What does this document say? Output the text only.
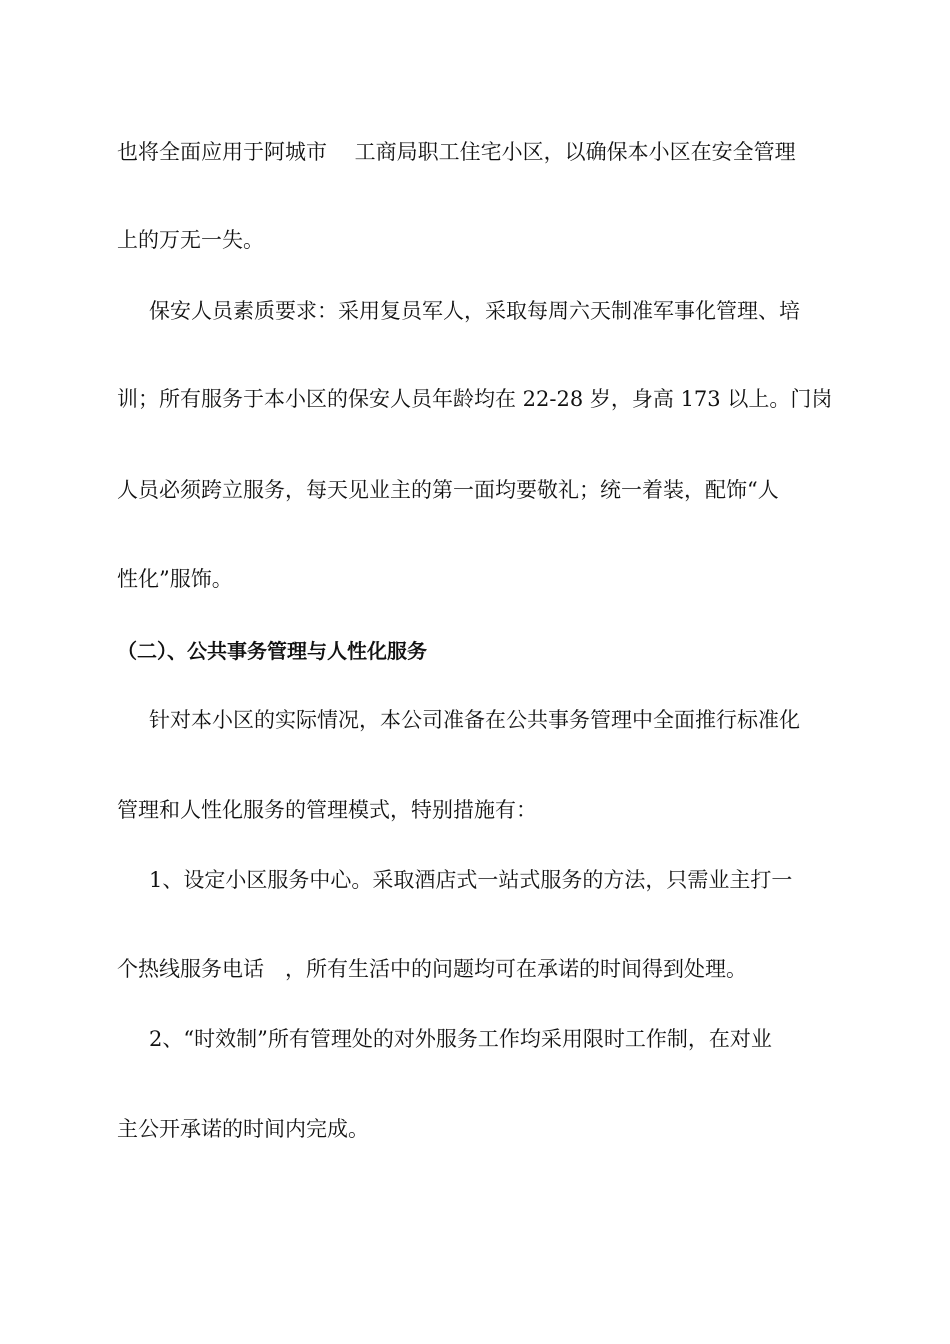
也将全面应用于阿城市　 工商局职工住宅小区，以确保本小区在安全管理
上的万无一失。
保安人员素质要求：采用复员军人，采取每周六天制准军事化管理、培
训；所有服务于本小区的保安人员年龄均在 22-28 岁，身高 173 以上。门岗
人员必须跨立服务，每天见业主的第一面均要敬礼；统一着装，配饰“人
性化”服饰。
（二）、公共事务管理与人性化服务
针对本小区的实际情况，本公司准备在公共事务管理中全面推行标准化
管理和人性化服务的管理模式，特别措施有：
1、设定小区服务中心。采取酒店式一站式服务的方法，只需业主打一
个热线服务电话　，所有生活中的问题均可在承诺的时间得到处理。
2、“时效制”所有管理处的对外服务工作均采用限时工作制，在对业
主公开承诺的时间内完成。
